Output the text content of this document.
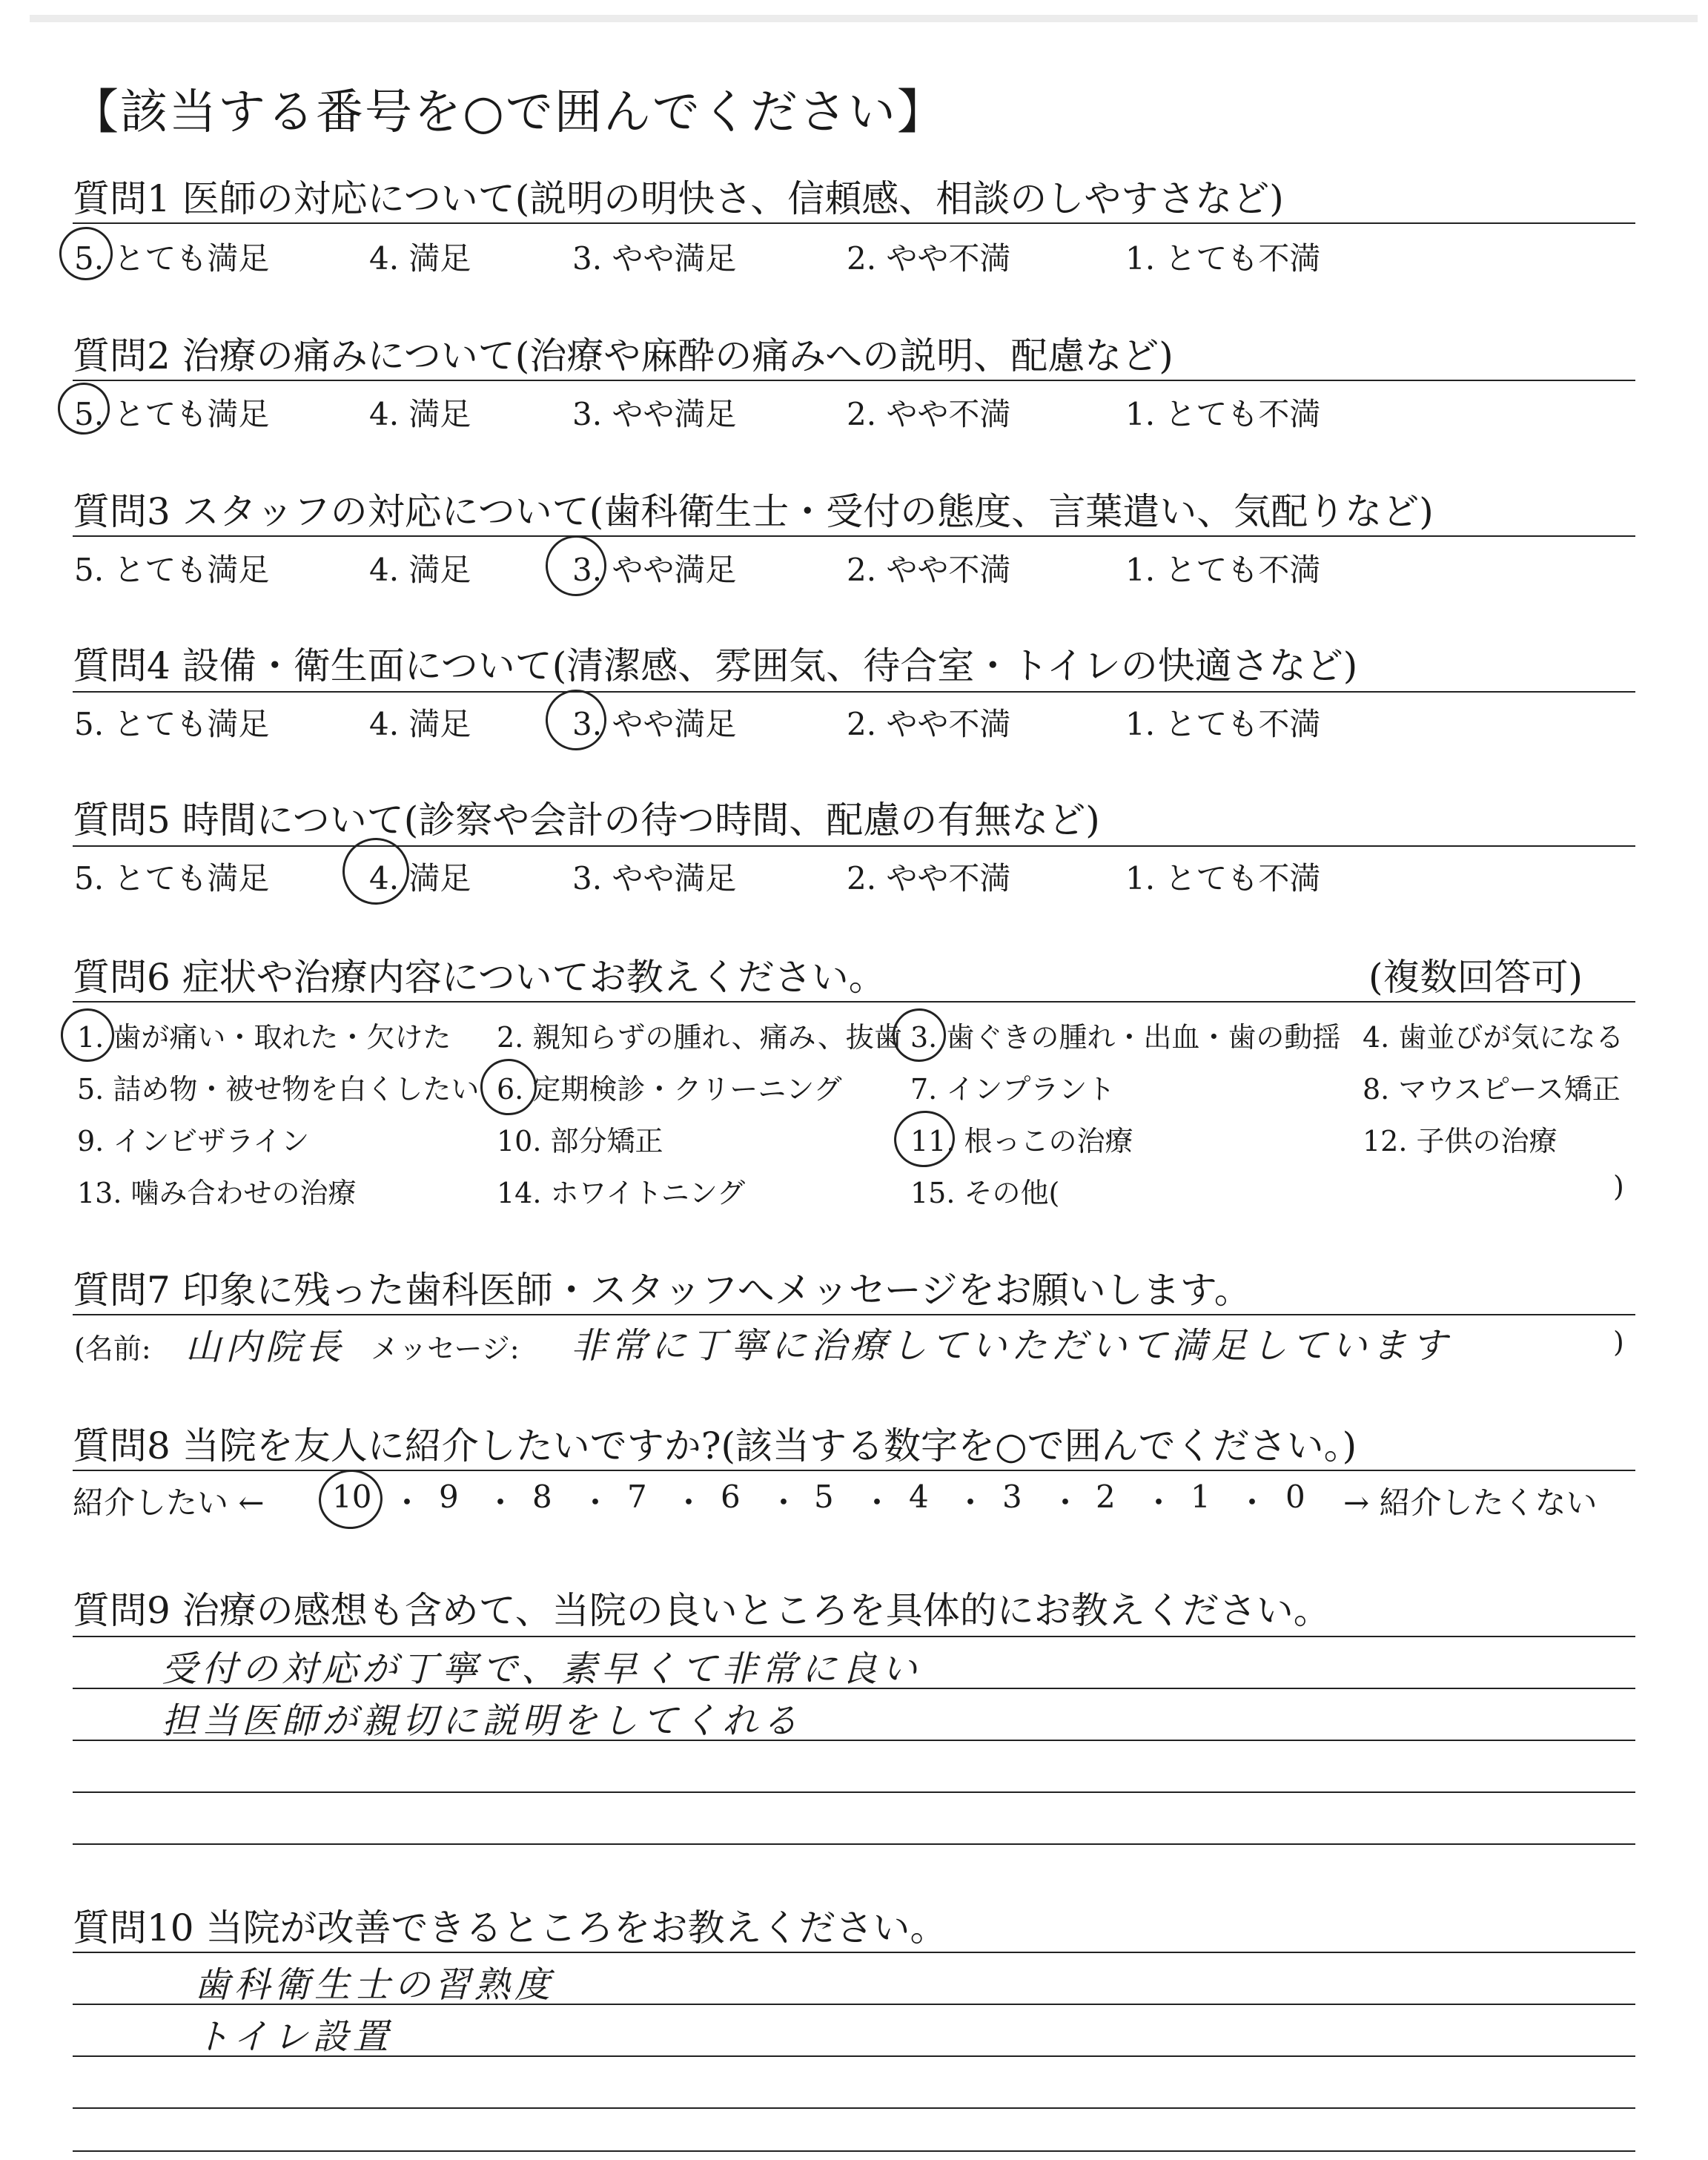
【該当する番号を○で囲んでください】
質問1 医師の対応について(説明の明快さ、信頼感、相談のしやすさなど)
5. とても満足	4. 満足	3. やや満足	2. やや不満	1. とても不満
質問2 治療の痛みについて(治療や麻酔の痛みへの説明、配慮など)
5. とても満足	4. 満足	3. やや満足	2. やや不満	1. とても不満
質問3 スタッフの対応について(歯科衛生士・受付の態度、言葉遣い、気配りなど)
5. とても満足	4. 満足	3. やや満足	2. やや不満	1. とても不満
質問4 設備・衛生面について(清潔感、雰囲気、待合室・トイレの快適さなど)
5. とても満足	4. 満足	3. やや満足	2. やや不満	1. とても不満
質問5 時間について(診察や会計の待つ時間、配慮の有無など)
5. とても満足	4. 満足	3. やや満足	2. やや不満	1. とても不満
質問6 症状や治療内容についてお教えください。	(複数回答可)
1. 歯が痛い・取れた・欠けた 2. 親知らずの腫れ、痛み、抜歯 3. 歯ぐきの腫れ・出血・歯の動揺 4. 歯並びが気になる
5. 詰め物・被せ物を白くしたい 6. 定期検診・クリーニング 7. インプラント	8. マウスピース矯正
9. インビザライン	10. 部分矯正	11. 根っこの治療	12. 子供の治療
13. 噛み合わせの治療	14. ホワイトニング	15. その他(	)
質問7 印象に残った歯科医師・スタッフへメッセージをお願いします。
(名前: 山内院長 メッセージ: 非常に丁寧に治療していただいて満足しています	)
質問8 当院を友人に紹介したいですか?(該当する数字を○で囲んでください。)
紹介したい ← 10 ・ 9 ・ 8 ・ 7 ・ 6 ・ 5 ・ 4 ・ 3 ・ 2 ・ 1 ・ 0 → 紹介したくない
質問9 治療の感想も含めて、当院の良いところを具体的にお教えください。
受付の対応が丁寧で、素早くて非常に良い
担当医師が親切に説明をしてくれる
質問10 当院が改善できるところをお教えください。
歯科衛生士の習熟度
トイレ設置
